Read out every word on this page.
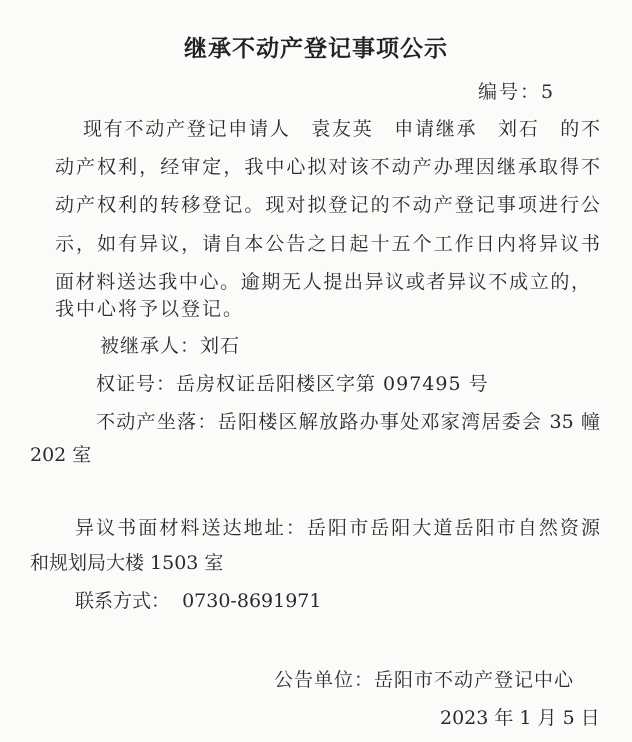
继承不动产登记事项公示
编号：5
现有不动产登记申请人　袁友英　申请继承　刘石　的不
动产权利，经审定，我中心拟对该不动产办理因继承取得不
动产权利的转移登记。现对拟登记的不动产登记事项进行公
示，如有异议，请自本公告之日起十五个工作日内将异议书
面材料送达我中心。逾期无人提出异议或者异议不成立的，
我中心将予以登记。
被继承人：刘石
权证号：岳房权证岳阳楼区字第 097495 号
不动产坐落：岳阳楼区解放路办事处邓家湾居委会 35 幢
202 室
异议书面材料送达地址：岳阳市岳阳大道岳阳市自然资源
和规划局大楼 1503 室
联系方式：  0730-8691971
公告单位：岳阳市不动产登记中心
2023 年 1 月 5 日
